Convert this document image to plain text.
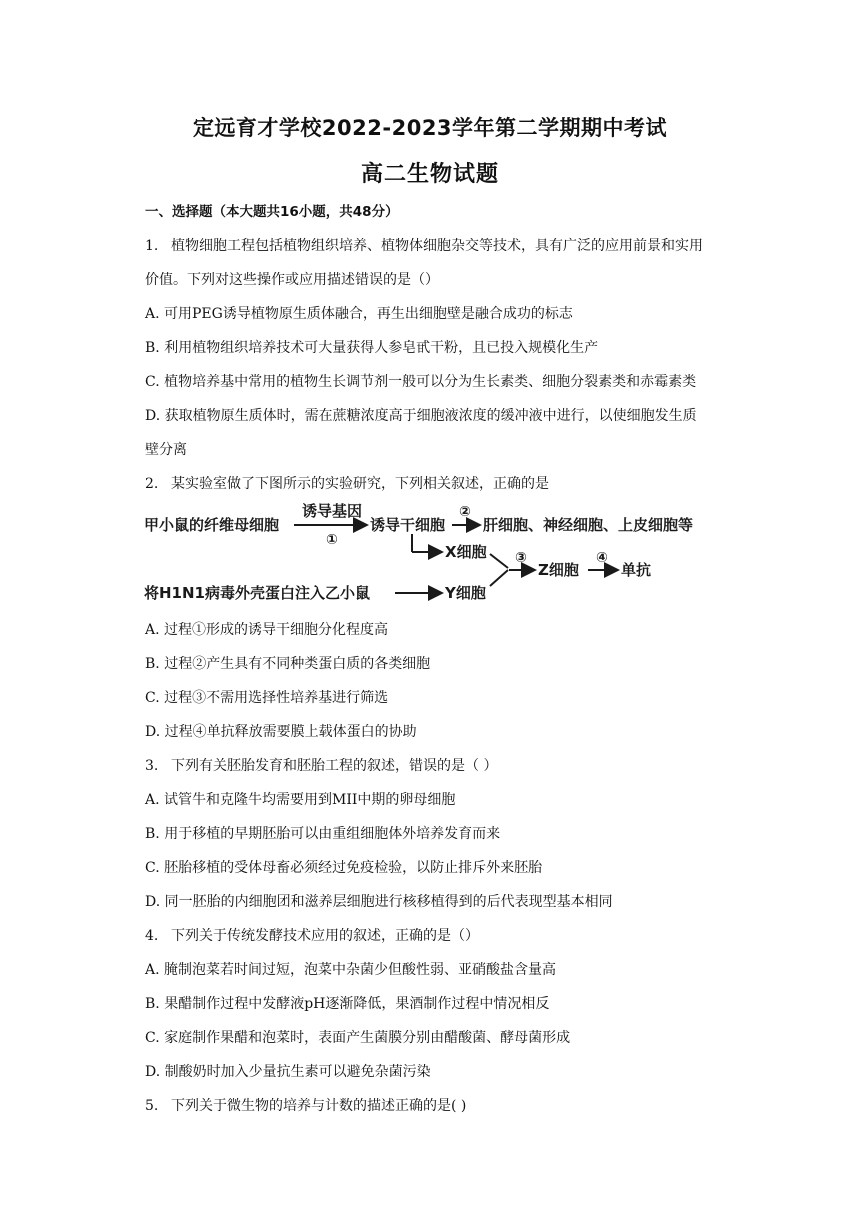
定远育才学校2022-2023学年第二学期期中考试
高二生物试题
一、选择题（本大题共16小题，共48分）
1. 植物细胞工程包括植物组织培养、植物体细胞杂交等技术，具有广泛的应用前景和实用
价值。下列对这些操作或应用描述错误的是（）
A. 可用PEG诱导植物原生质体融合，再生出细胞壁是融合成功的标志
B. 利用植物组织培养技术可大量获得人参皂甙干粉，且已投入规模化生产
C. 植物培养基中常用的植物生长调节剂一般可以分为生长素类、细胞分裂素类和赤霉素类
D. 获取植物原生质体时，需在蔗糖浓度高于细胞液浓度的缓冲液中进行，以使细胞发生质
壁分离
2. 某实验室做了下图所示的实验研究，下列相关叙述，正确的是
甲小鼠的纤维母细胞
诱导基因
①
诱导干细胞
②
肝细胞、神经细胞、上皮细胞等
X细胞 ③
Z细胞
④
单抗
将H1N1病毒外壳蛋白注入乙小鼠	Y细胞
A. 过程①形成的诱导干细胞分化程度高
B. 过程②产生具有不同种类蛋白质的各类细胞
C. 过程③不需用选择性培养基进行筛选
D. 过程④单抗释放需要膜上载体蛋白的协助
3. 下列有关胚胎发育和胚胎工程的叙述，错误的是（ ）
A. 试管牛和克隆牛均需要用到MII中期的卵母细胞
B. 用于移植的早期胚胎可以由重组细胞体外培养发育而来
C. 胚胎移植的受体母畜必须经过免疫检验，以防止排斥外来胚胎
D. 同一胚胎的内细胞团和滋养层细胞进行核移植得到的后代表现型基本相同
4. 下列关于传统发酵技术应用的叙述，正确的是（）
A. 腌制泡菜若时间过短，泡菜中杂菌少但酸性弱、亚硝酸盐含量高
B. 果醋制作过程中发酵液pH逐渐降低，果酒制作过程中情况相反
C. 家庭制作果醋和泡菜时，表面产生菌膜分别由醋酸菌、酵母菌形成
D. 制酸奶时加入少量抗生素可以避免杂菌污染
5. 下列关于微生物的培养与计数的描述正确的是( )
